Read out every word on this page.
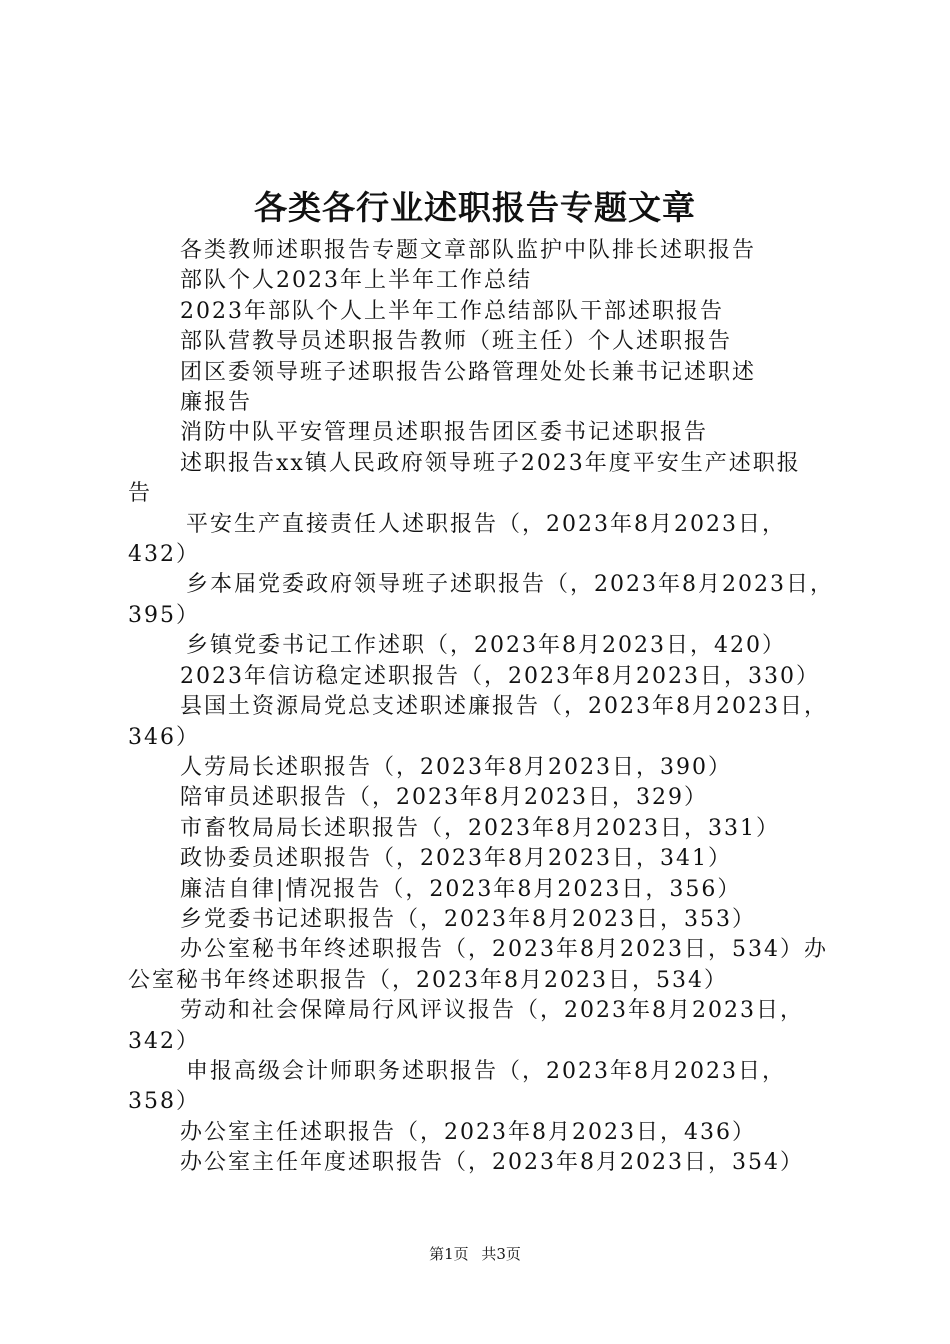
各类各行业述职报告专题文章
各类教师述职报告专题文章部队监护中队排长述职报告
部队个人2023年上半年工作总结
2023年部队个人上半年工作总结部队干部述职报告
部队营教导员述职报告教师（班主任）个人述职报告
团区委领导班子述职报告公路管理处处长兼书记述职述
廉报告
消防中队平安管理员述职报告团区委书记述职报告
述职报告xx镇人民政府领导班子2023年度平安生产述职报
告
平安生产直接责任人述职报告（，2023年8月2023日，
432）
乡本届党委政府领导班子述职报告（，2023年8月2023日，
395）
乡镇党委书记工作述职（，2023年8月2023日，420）
2023年信访稳定述职报告（，2023年8月2023日，330）
县国土资源局党总支述职述廉报告（，2023年8月2023日，
346）
人劳局长述职报告（，2023年8月2023日，390）
陪审员述职报告（，2023年8月2023日，329）
市畜牧局局长述职报告（，2023年8月2023日，331）
政协委员述职报告（，2023年8月2023日，341）
廉洁自律|情况报告（，2023年8月2023日，356）
乡党委书记述职报告（，2023年8月2023日，353）
办公室秘书年终述职报告（，2023年8月2023日，534）办
公室秘书年终述职报告（，2023年8月2023日，534）
劳动和社会保障局行风评议报告（，2023年8月2023日，
342）
申报高级会计师职务述职报告（，2023年8月2023日，
358）
办公室主任述职报告（，2023年8月2023日，436）
办公室主任年度述职报告（，2023年8月2023日，354）
第1页 共3页
